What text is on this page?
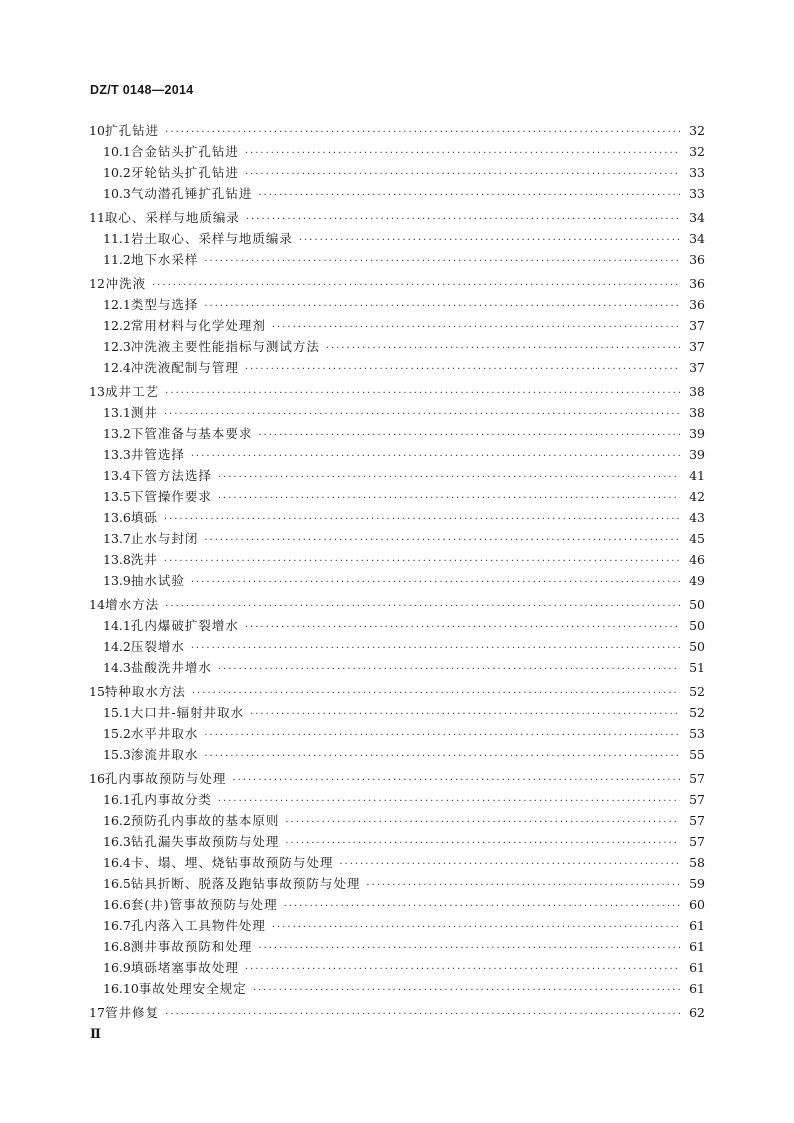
DZ/T 0148—2014
10 扩孔钻进 ·····	32
10.1 合金钻头扩孔钻进 ·····	32
10.2 牙轮钻头扩孔钻进 ·····	33
10.3 气动潜孔锤扩孔钻进 ·····	33
11 取心、采样与地质编录 ·····	34
11.1 岩土取心、采样与地质编录 ·····	34
11.2 地下水采样 ·····	36
12 冲洗液 ·····	36
12.1 类型与选择 ·····	36
12.2 常用材料与化学处理剂 ·····	37
12.3 冲洗液主要性能指标与测试方法 ·····	37
12.4 冲洗液配制与管理 ·····	37
13 成井工艺 ·····	38
13.1 测井 ·····	38
13.2 下管准备与基本要求 ·····	39
13.3 井管选择 ·····	39
13.4 下管方法选择 ·····	41
13.5 下管操作要求 ·····	42
13.6 填砾 ·····	43
13.7 止水与封闭 ·····	45
13.8 洗井 ·····	46
13.9 抽水试验 ·····	49
14 增水方法 ·····	50
14.1 孔内爆破扩裂增水 ·····	50
14.2 压裂增水 ·····	50
14.3 盐酸洗井增水 ·····	51
15 特种取水方法 ·····	52
15.1 大口井-辐射井取水 ·····	52
15.2 水平井取水 ·····	53
15.3 渗流井取水 ·····	55
16 孔内事故预防与处理 ·····	57
16.1 孔内事故分类 ·····	57
16.2 预防孔内事故的基本原则 ·····	57
16.3 钻孔漏失事故预防与处理 ·····	57
16.4 卡、塌、埋、烧钻事故预防与处理 ·····	58
16.5 钻具折断、脱落及跑钻事故预防与处理 ·····	59
16.6 套(井)管事故预防与处理 ·····	60
16.7 孔内落入工具物件处理 ·····	61
16.8 测井事故预防和处理 ·····	61
16.9 填砾堵塞事故处理 ·····	61
16.10 事故处理安全规定 ·····	61
17 管井修复 ·····	62
Ⅱ
